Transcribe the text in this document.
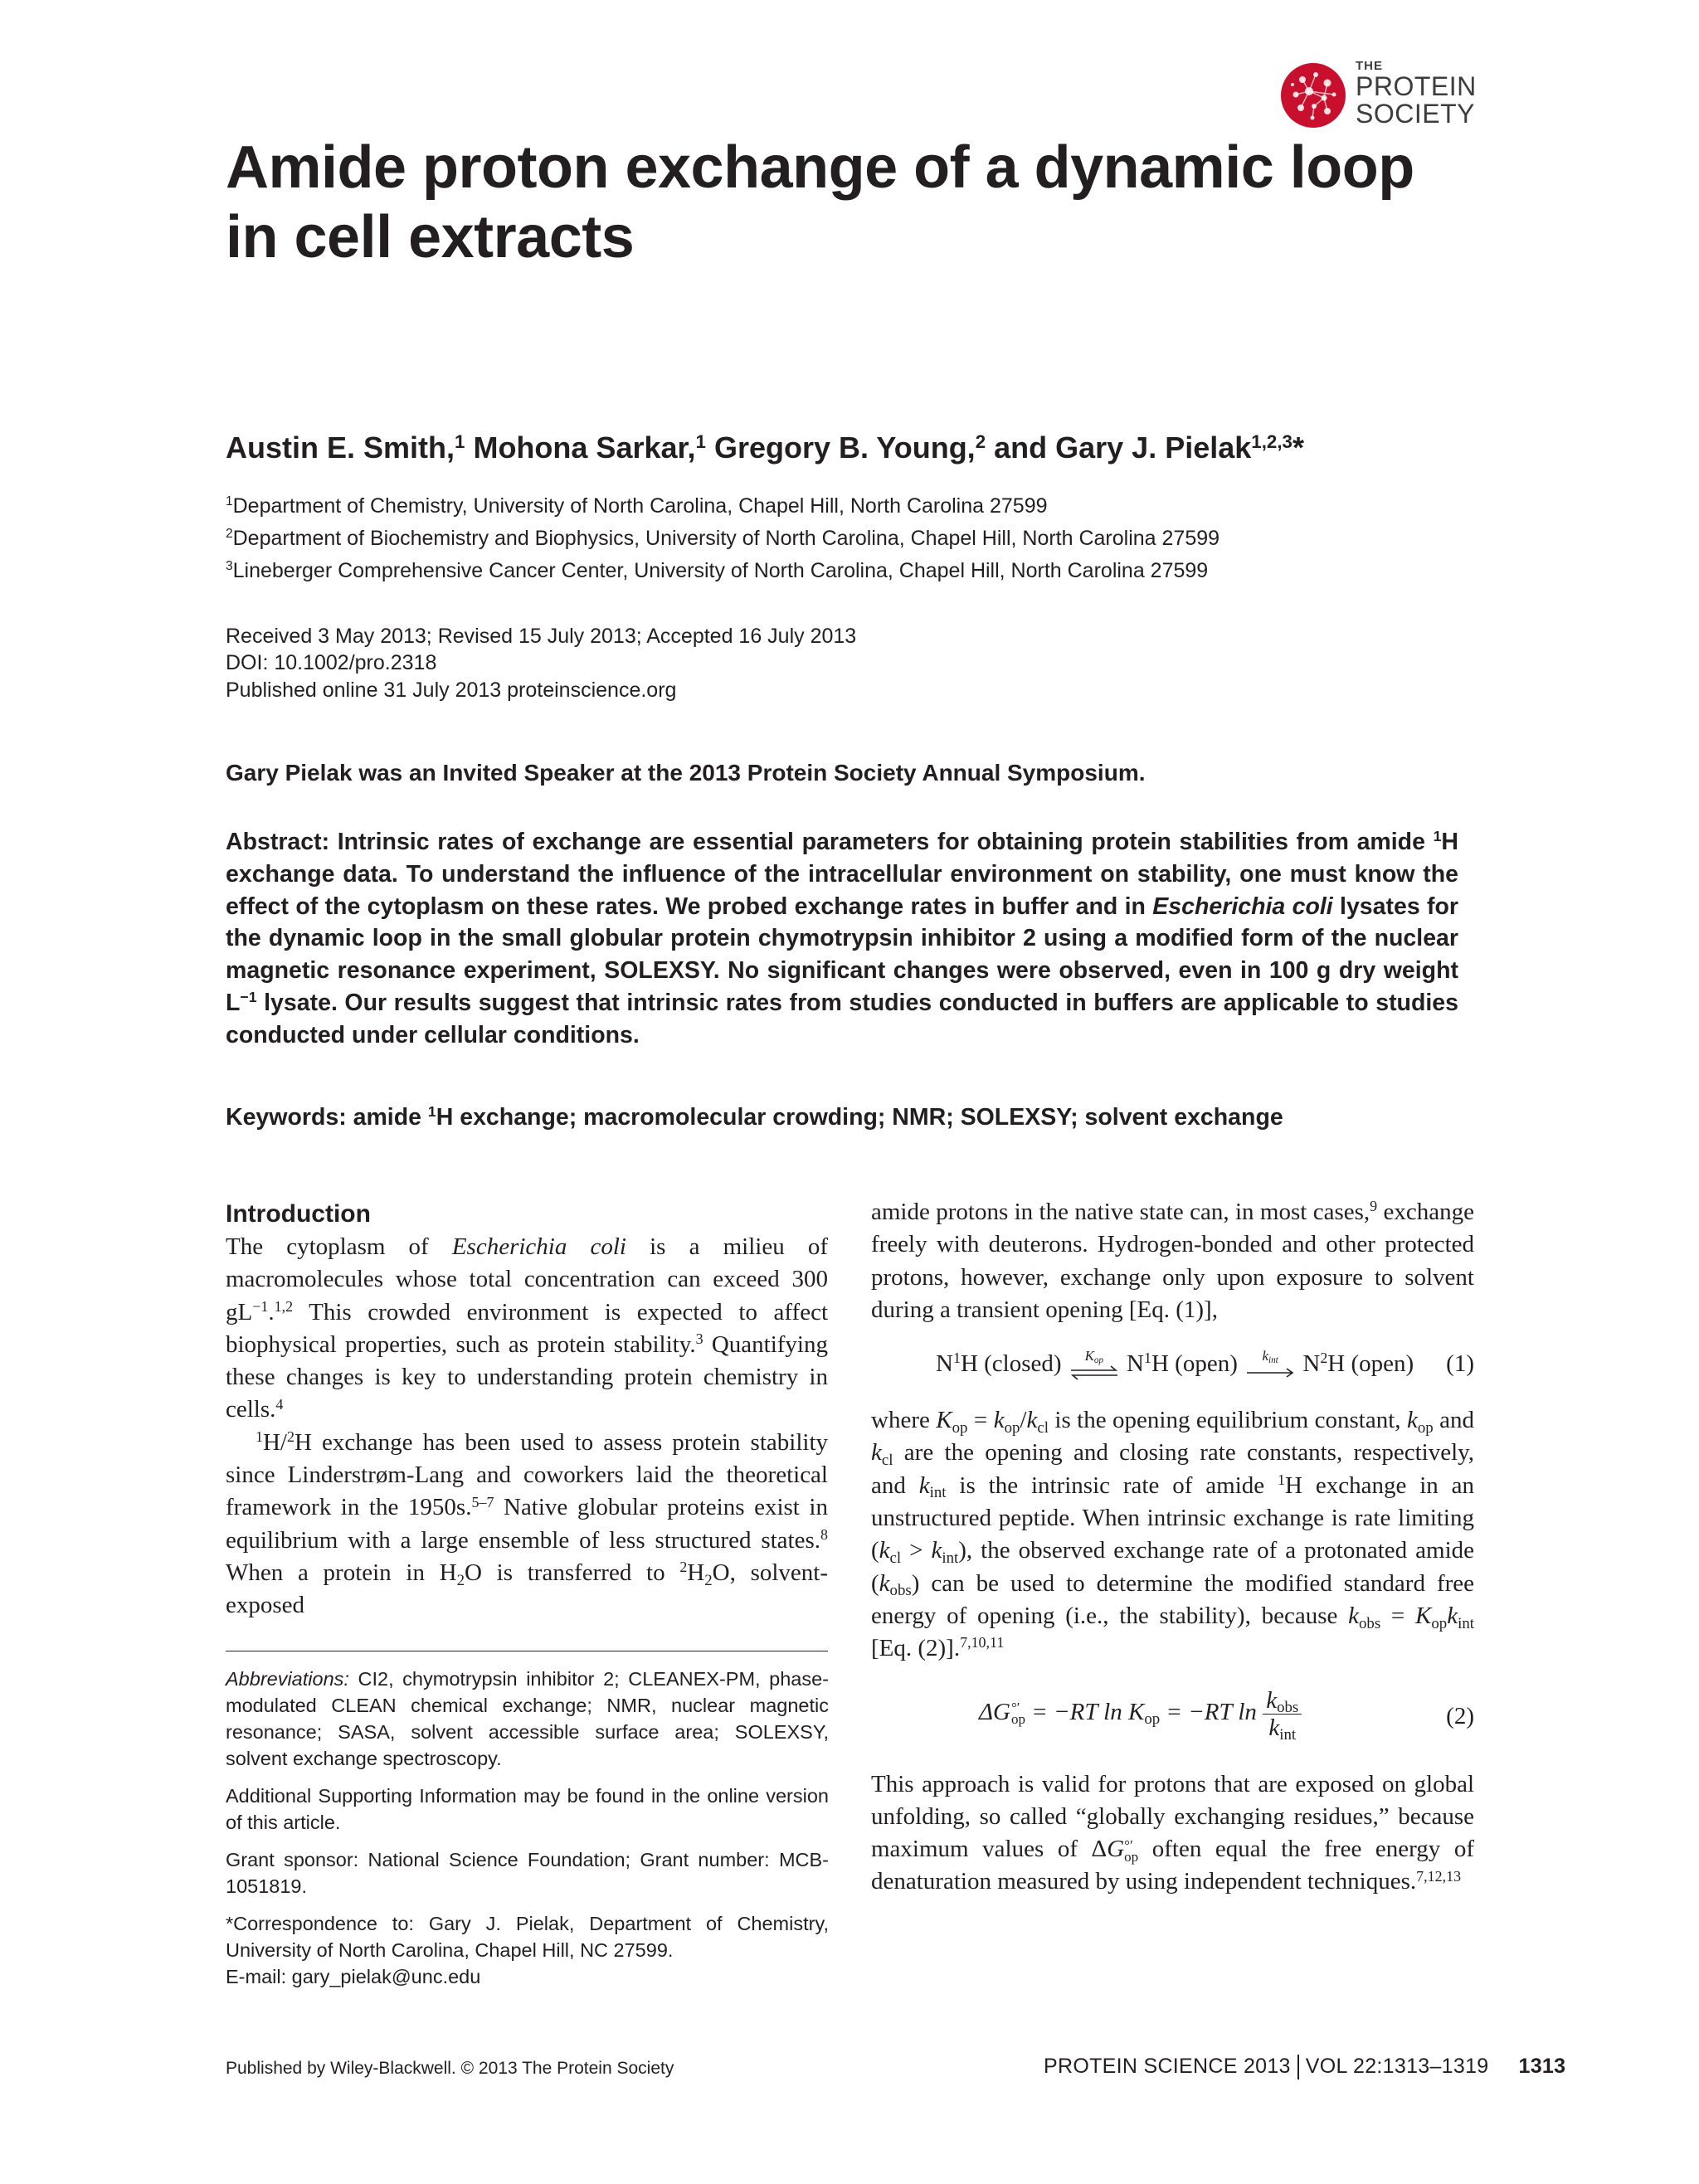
THE
PROTEIN
SOCIETY
Amide proton exchange of a dynamic loop
in cell extracts
Austin E. Smith,$^1$ Mohona Sarkar,$^1$ Gregory B. Young,$^2$ and Gary J. Pielak$^{1,2,3}$*
$^1$Department of Chemistry, University of North Carolina, Chapel Hill, North Carolina 27599
$^2$Department of Biochemistry and Biophysics, University of North Carolina, Chapel Hill, North Carolina 27599
$^3$Lineberger Comprehensive Cancer Center, University of North Carolina, Chapel Hill, North Carolina 27599
Received 3 May 2013; Revised 15 July 2013; Accepted 16 July 2013
DOI: 10.1002/pro.2318
Published online 31 July 2013 proteinscience.org
Gary Pielak was an Invited Speaker at the 2013 Protein Society Annual Symposium.
Abstract: Intrinsic rates of exchange are essential parameters for obtaining protein stabilities from amide $^1$H exchange data. To understand the influence of the intracellular environment on stability, one must know the effect of the cytoplasm on these rates. We probed exchange rates in buffer and in Escherichia coli lysates for the dynamic loop in the small globular protein chymotrypsin inhibitor 2 using a modified form of the nuclear magnetic resonance experiment, SOLEXSY. No significant changes were observed, even in 100 g dry weight $L^{-1}$ lysate. Our results suggest that intrinsic rates from studies conducted in buffers are applicable to studies conducted under cellular conditions.
Keywords: amide $^1$H exchange; macromolecular crowding; NMR; SOLEXSY; solvent exchange
Introduction

The cytoplasm of Escherichia coli is a milieu of macromolecules whose total concentration can exceed 300 $gL^{-1}.^{1,2}$ This crowded environment is expected to affect biophysical properties, such as protein stability.$^3$ Quantifying these changes is key to understanding protein chemistry in cells.$^4$

$^1$H/$^2$H exchange has been used to assess protein stability since Linderstrøm-Lang and coworkers laid the theoretical framework in the 1950s.$^{5-7}$ Native globular proteins exist in equilibrium with a large ensemble of less structured states.$^8$ When a protein in $H_2O$ is transferred to $^2H_2O$, solvent-exposed

Abbreviations: CI2, chymotrypsin inhibitor 2; CLEANEX-PM, phase-modulated CLEAN chemical exchange; NMR, nuclear magnetic resonance; SASA, solvent accessible surface area; SOLEXSY, solvent exchange spectroscopy.

Additional Supporting Information may be found in the online version of this article.

Grant sponsor: National Science Foundation; Grant number: MCB-1051819.

*Correspondence to: Gary J. Pielak, Department of Chemistry, University of North Carolina, Chapel Hill, NC 27599.

E-mail: gary_pielak@unc.edu

amide protons in the native state can, in most cases,$^9$ exchange freely with deuterons. Hydrogen-bonded and other protected protons, however, exchange only upon exposure to solvent during a transient opening [Eq. (1)],

$N^1H$ (closed)	$K_{op}$ $N^1H$ (open)	$k_{int}$	$N^2H$ (open) (1)

where $K_{op} = k_{op}/k_{cl}$ is the opening equilibrium constant, $k_{op}$ and $k_{cl}$ are the opening and closing rate constants, respectively, and $k_{int}$ is the intrinsic rate of amide $^1$H exchange in an unstructured peptide. When intrinsic exchange is rate limiting $(k_{cl} > k_{int})$, the observed exchange rate of a protonated amide $(k_{obs})$ can be used to determine the modified standard free energy of opening (i.e., the stability), because $k_{obs} = K_{op}k_{int}$ [Eq. (2)].$^{7,10,11}$

ΔG °′
op = −RT $\ln K_{op} = -RT$ $\ln \frac{k_{obs}}{k_{int}}$	(2)

This approach is valid for protons that are exposed on global unfolding, so called “globally exchanging residues,” because maximum values of ΔG °′
op often equal the free energy of denaturation measured by using independent techniques.$^{7,12,13}$

Published by Wiley-Blackwell. © 2013 The Protein Society	PROTEIN SCIENCE 2013 VOL 22:1313–1319 1313
